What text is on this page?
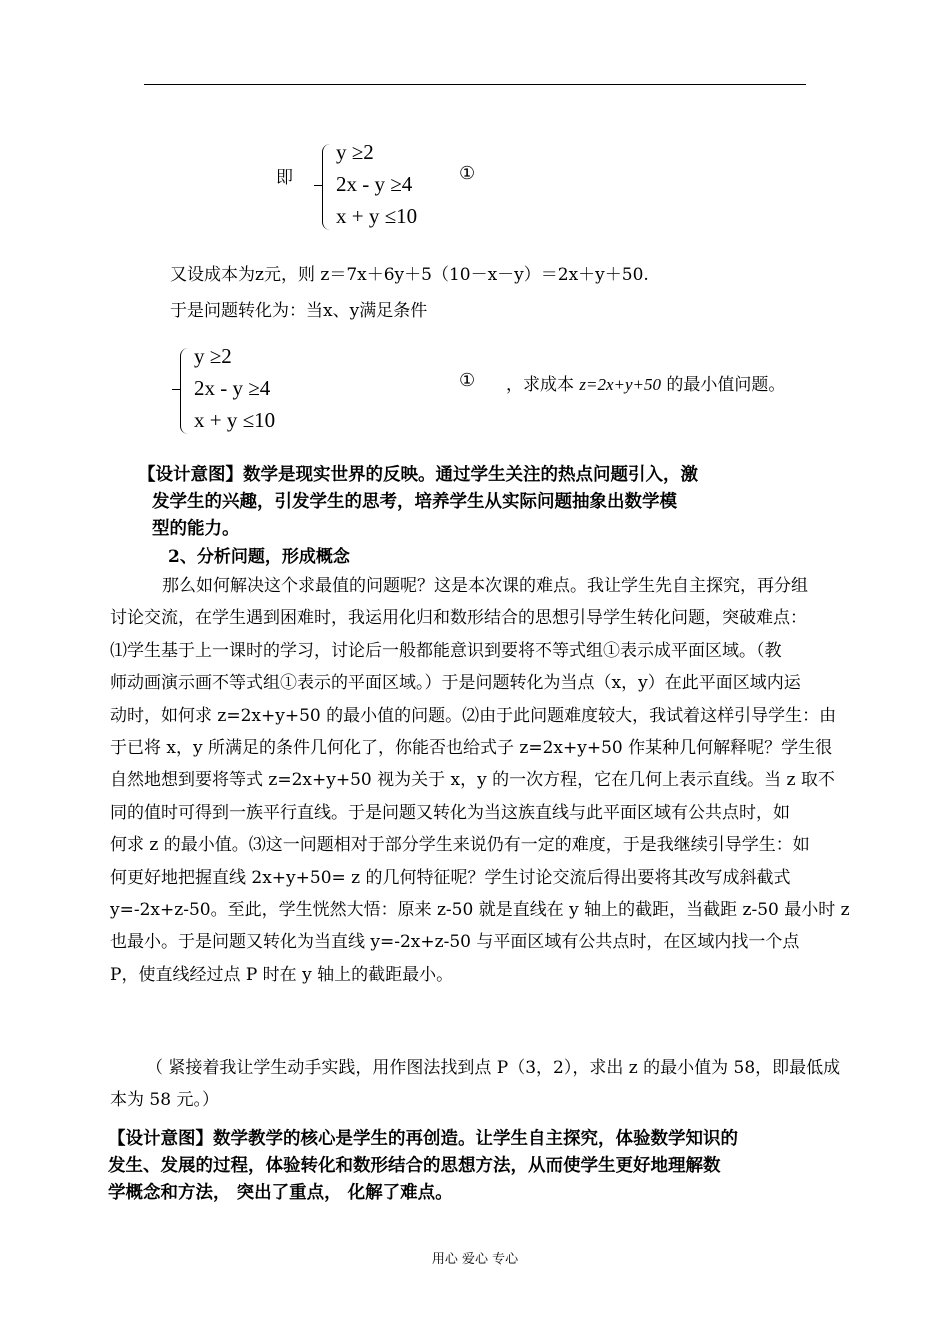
即
y ≥2
2x - y ≥4
x + y ≤10
①
又设成本为z元，则 z＝7x＋6y＋5（10－x－y）＝2x＋y＋50.
于是问题转化为：当x、y满足条件
y ≥2
2x - y ≥4
x + y ≤10
① ，求成本 z=2x+y+50 的最小值问题。
【设计意图】数学是现实世界的反映。通过学生关注的热点问题引入，激
发学生的兴趣，引发学生的思考，培养学生从实际问题抽象出数学模
型的能力。
2、分析问题，形成概念
那么如何解决这个求最值的问题呢？这是本次课的难点。我让学生先自主探究，再分组
讨论交流，在学生遇到困难时，我运用化归和数形结合的思想引导学生转化问题，突破难点：
⑴学生基于上一课时的学习，讨论后一般都能意识到要将不等式组①表示成平面区域。（教
师动画演示画不等式组①表示的平面区域。）于是问题转化为当点（x，y）在此平面区域内运
动时，如何求 z=2x+y+50 的最小值的问题。⑵由于此问题难度较大，我试着这样引导学生：由
于已将 x，y 所满足的条件几何化了，你能否也给式子 z=2x+y+50 作某种几何解释呢？学生很
自然地想到要将等式 z=2x+y+50 视为关于 x，y 的一次方程，它在几何上表示直线。当 z 取不
同的值时可得到一族平行直线。于是问题又转化为当这族直线与此平面区域有公共点时，如
何求 z 的最小值。⑶这一问题相对于部分学生来说仍有一定的难度，于是我继续引导学生：如
何更好地把握直线 2x+y+50= z 的几何特征呢？学生讨论交流后得出要将其改写成斜截式
y=-2x+z-50。至此，学生恍然大悟：原来 z-50 就是直线在 y 轴上的截距，当截距 z-50 最小时 z
也最小。于是问题又转化为当直线 y=-2x+z-50 与平面区域有公共点时，在区域内找一个点
P，使直线经过点 P 时在 y 轴上的截距最小。
（ 紧接着我让学生动手实践，用作图法找到点 P（3，2），求出 z 的最小值为 58，即最低成
本为 58 元。）
【设计意图】数学教学的核心是学生的再创造。让学生自主探究，体验数学知识的
发生、发展的过程，体验转化和数形结合的思想方法，从而使学生更好地理解数
学概念和方法， 突出了重点， 化解了难点。
用心 爱心 专心
